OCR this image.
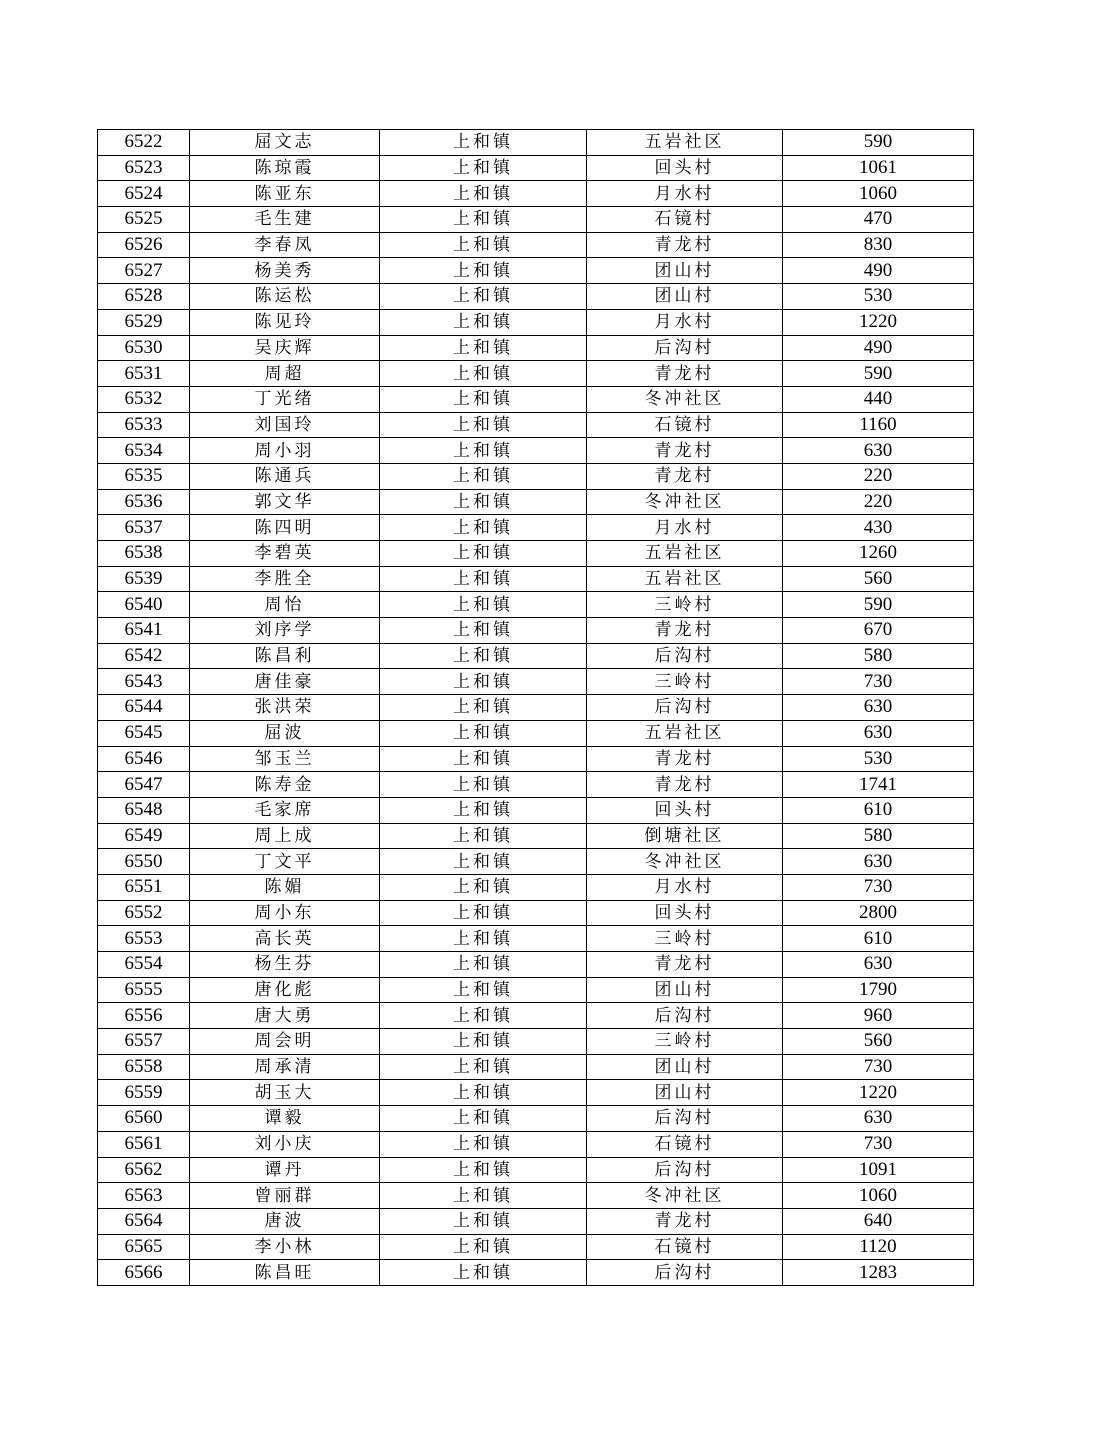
6522	屈文志	上和镇	五岩社区	590
6523	陈琼霞	上和镇	回头村	1061
6524	陈亚东	上和镇	月水村	1060
6525	毛生建	上和镇	石镜村	470
6526	李春凤	上和镇	青龙村	830
6527	杨美秀	上和镇	团山村	490
6528	陈运松	上和镇	团山村	530
6529	陈见玲	上和镇	月水村	1220
6530	吴庆辉	上和镇	后沟村	490
6531	周超	上和镇	青龙村	590
6532	丁光绪	上和镇	冬冲社区	440
6533	刘国玲	上和镇	石镜村	1160
6534	周小羽	上和镇	青龙村	630
6535	陈通兵	上和镇	青龙村	220
6536	郭文华	上和镇	冬冲社区	220
6537	陈四明	上和镇	月水村	430
6538	李碧英	上和镇	五岩社区	1260
6539	李胜全	上和镇	五岩社区	560
6540	周怡	上和镇	三岭村	590
6541	刘序学	上和镇	青龙村	670
6542	陈昌利	上和镇	后沟村	580
6543	唐佳豪	上和镇	三岭村	730
6544	张洪荣	上和镇	后沟村	630
6545	屈波	上和镇	五岩社区	630
6546	邹玉兰	上和镇	青龙村	530
6547	陈寿金	上和镇	青龙村	1741
6548	毛家席	上和镇	回头村	610
6549	周上成	上和镇	倒塘社区	580
6550	丁文平	上和镇	冬冲社区	630
6551	陈媚	上和镇	月水村	730
6552	周小东	上和镇	回头村	2800
6553	高长英	上和镇	三岭村	610
6554	杨生芬	上和镇	青龙村	630
6555	唐化彪	上和镇	团山村	1790
6556	唐大勇	上和镇	后沟村	960
6557	周会明	上和镇	三岭村	560
6558	周承清	上和镇	团山村	730
6559	胡玉大	上和镇	团山村	1220
6560	谭毅	上和镇	后沟村	630
6561	刘小庆	上和镇	石镜村	730
6562	谭丹	上和镇	后沟村	1091
6563	曾丽群	上和镇	冬冲社区	1060
6564	唐波	上和镇	青龙村	640
6565	李小林	上和镇	石镜村	1120
6566	陈昌旺	上和镇	后沟村	1283
